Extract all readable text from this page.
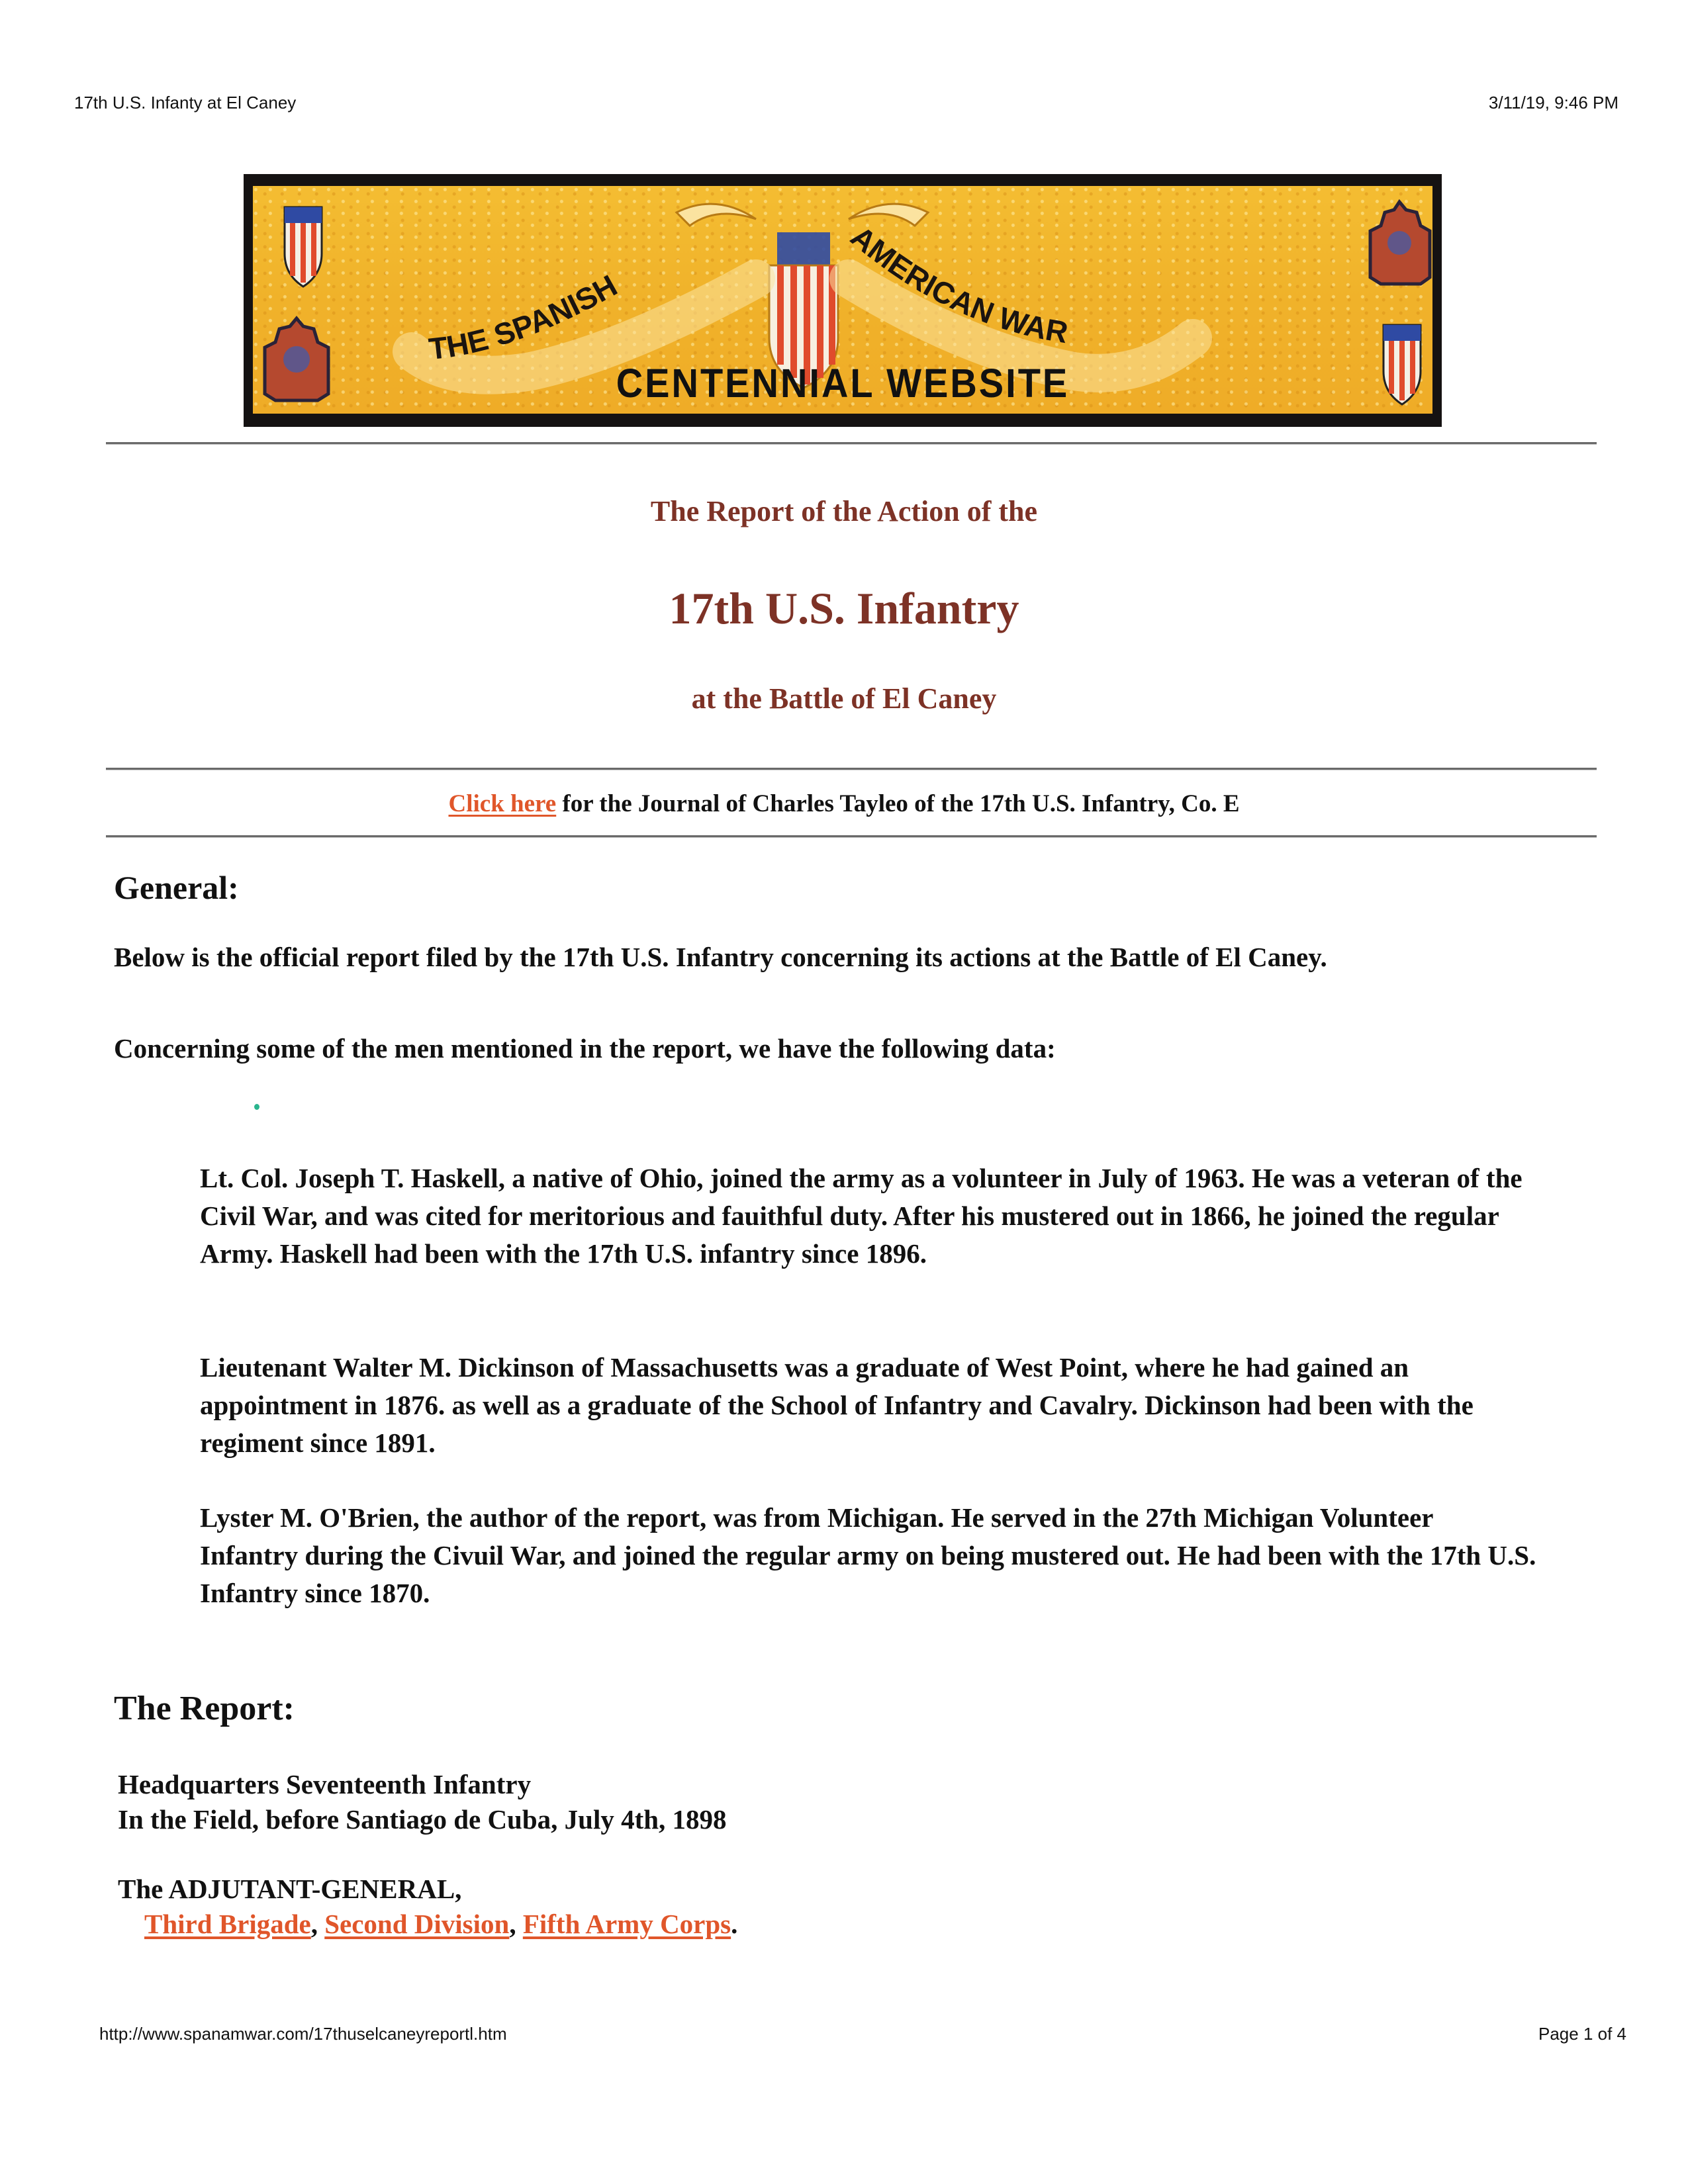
17th U.S. Infanty at El Caney	3/11/19, 9:46 PM
THE SPANISH
AMERICAN WAR
CENTENNIAL WEBSITE
The Report of the Action of the
17th U.S. Infantry
at the Battle of El Caney
Click here for the Journal of Charles Tayleo of the 17th U.S. Infantry, Co. E
General:
Below is the official report filed by the 17th U.S. Infantry concerning its actions at the Battle of El Caney.
Concerning some of the men mentioned in the report, we have the following data:
Lt. Col. Joseph T. Haskell, a native of Ohio, joined the army as a volunteer in July of 1963. He was a veteran of the Civil War, and was cited for meritorious and fauithful duty. After his mustered out in 1866, he joined the regular Army. Haskell had been with the 17th U.S. infantry since 1896.
Lieutenant Walter M. Dickinson of Massachusetts was a graduate of West Point, where he had gained an appointment in 1876. as well as a graduate of the School of Infantry and Cavalry. Dickinson had been with the regiment since 1891.
Lyster M. O'Brien, the author of the report, was from Michigan. He served in the 27th Michigan Volunteer Infantry during the Civuil War, and joined the regular army on being mustered out. He had been with the 17th U.S. Infantry since 1870.
The Report:
Headquarters Seventeenth Infantry
In the Field, before Santiago de Cuba, July 4th, 1898
The ADJUTANT-GENERAL,
Third Brigade, Second Division, Fifth Army Corps.
http://www.spanamwar.com/17thuselcaneyreportl.htm	Page 1 of 4
